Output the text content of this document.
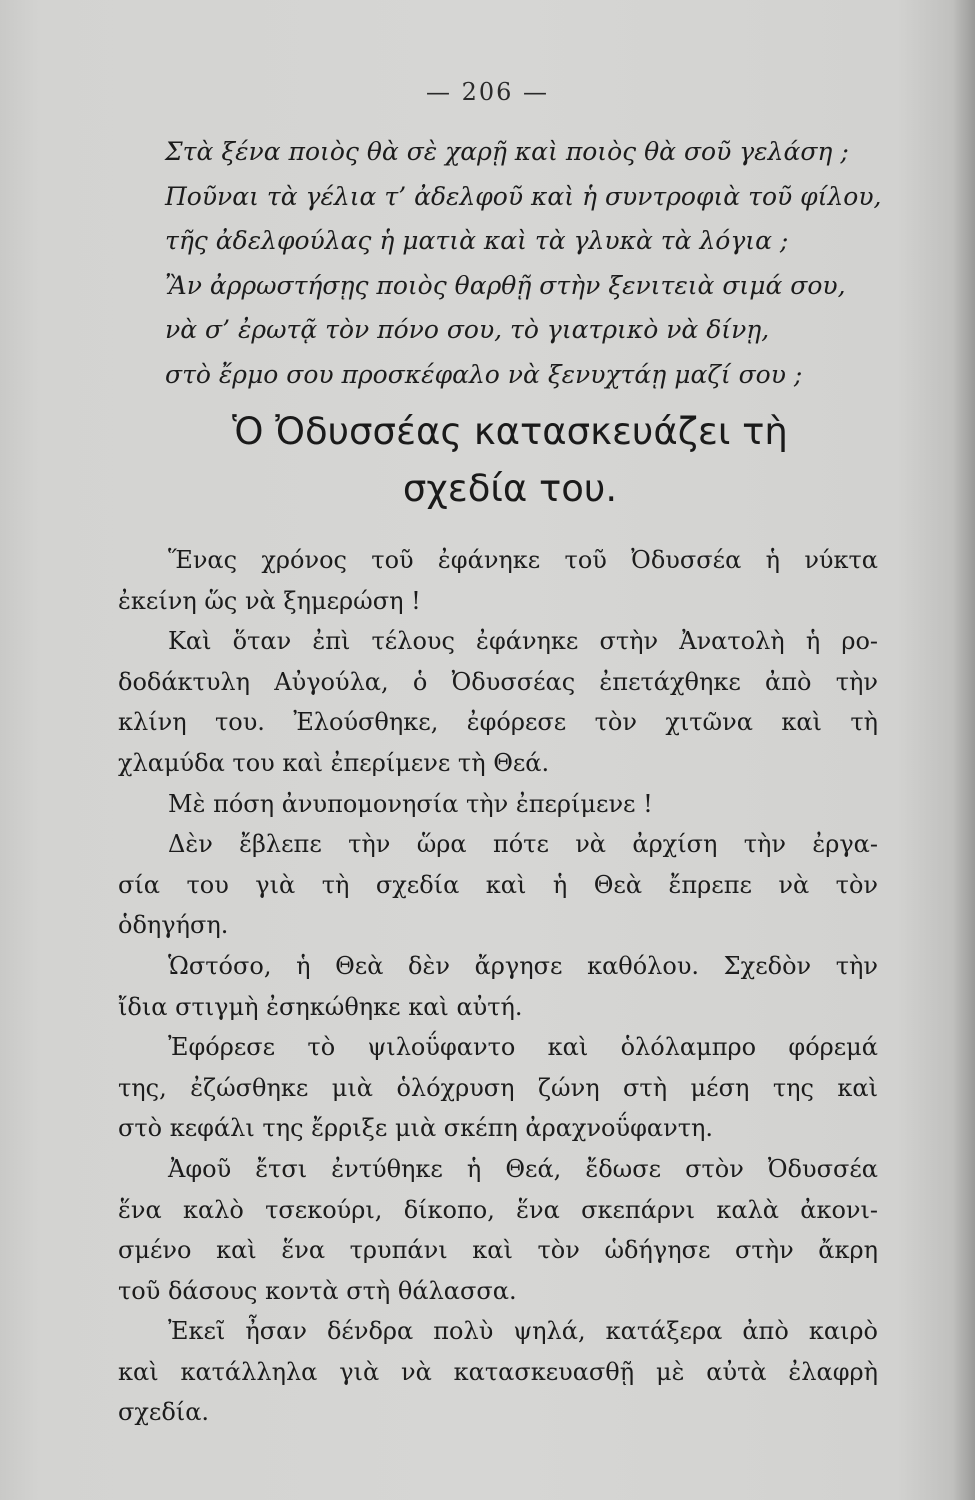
— 206 —
Στὰ ξένα ποιὸς θὰ σὲ χαρῇ καὶ ποιὸς θὰ σοῦ γελάση ;
Ποῦναι τὰ γέλια τ’ ἀδελφοῦ καὶ ἡ συντροφιὰ τοῦ φίλου,
τῆς ἀδελφούλας ἡ ματιὰ καὶ τὰ γλυκὰ τὰ λόγια ;
Ἂν ἀρρωστήσῃς ποιὸς θαρθῇ στὴν ξενιτειὰ σιμά σου,
νὰ σ’ ἐρωτᾷ τὸν πόνο σου, τὸ γιατρικὸ νὰ δίνῃ,
στὸ ἔρμο σου προσκέφαλο νὰ ξενυχτάῃ μαζί σου ;
Ὁ Ὀδυσσέας κατασκευάζει τὴ
σχεδία του.
Ἕνας χρόνος τοῦ ἐφάνηκε τοῦ Ὀδυσσέα ἡ νύκτα
ἐκείνη ὥς νὰ ξημερώση !
Καὶ ὅταν ἐπὶ τέλους ἐφάνηκε στὴν Ἀνατολὴ ἡ ρο-
δοδάκτυλη Αὐγούλα, ὁ Ὀδυσσέας ἐπετάχθηκε ἀπὸ τὴν
κλίνη του. Ἐλούσθηκε, ἐφόρεσε τὸν χιτῶνα καὶ τὴ
χλαμύδα του καὶ ἐπερίμενε τὴ Θεά.
Μὲ πόση ἀνυπομονησία τὴν ἐπερίμενε !
Δὲν ἔβλεπε τὴν ὥρα πότε νὰ ἀρχίση τὴν ἐργα-
σία του γιὰ τὴ σχεδία καὶ ἡ Θεὰ ἔπρεπε νὰ τὸν
ὁδηγήση.
Ὡστόσο, ἡ Θεὰ δὲν ἄργησε καθόλου. Σχεδὸν τὴν
ἴδια στιγμὴ ἐσηκώθηκε καὶ αὐτή.
Ἐφόρεσε τὸ ψιλοΰφαντο καὶ ὁλόλαμπρο φόρεμά
της, ἐζώσθηκε μιὰ ὁλόχρυση ζώνη στὴ μέση της καὶ
στὸ κεφάλι της ἔρριξε μιὰ σκέπη ἀραχνοΰφαντη.
Ἀφοῦ ἔτσι ἐντύθηκε ἡ Θεά, ἔδωσε στὸν Ὀδυσσέα
ἕνα καλὸ τσεκούρι, δίκοπο, ἕνα σκεπάρνι καλὰ ἀκονι-
σμένο καὶ ἕνα τρυπάνι καὶ τὸν ὡδήγησε στὴν ἄκρη
τοῦ δάσους κοντὰ στὴ θάλασσα.
Ἐκεῖ ἦσαν δένδρα πολὺ ψηλά, κατάξερα ἀπὸ καιρὸ
καὶ κατάλληλα γιὰ νὰ κατασκευασθῇ μὲ αὐτὰ ἐλαφρὴ
σχεδία.
